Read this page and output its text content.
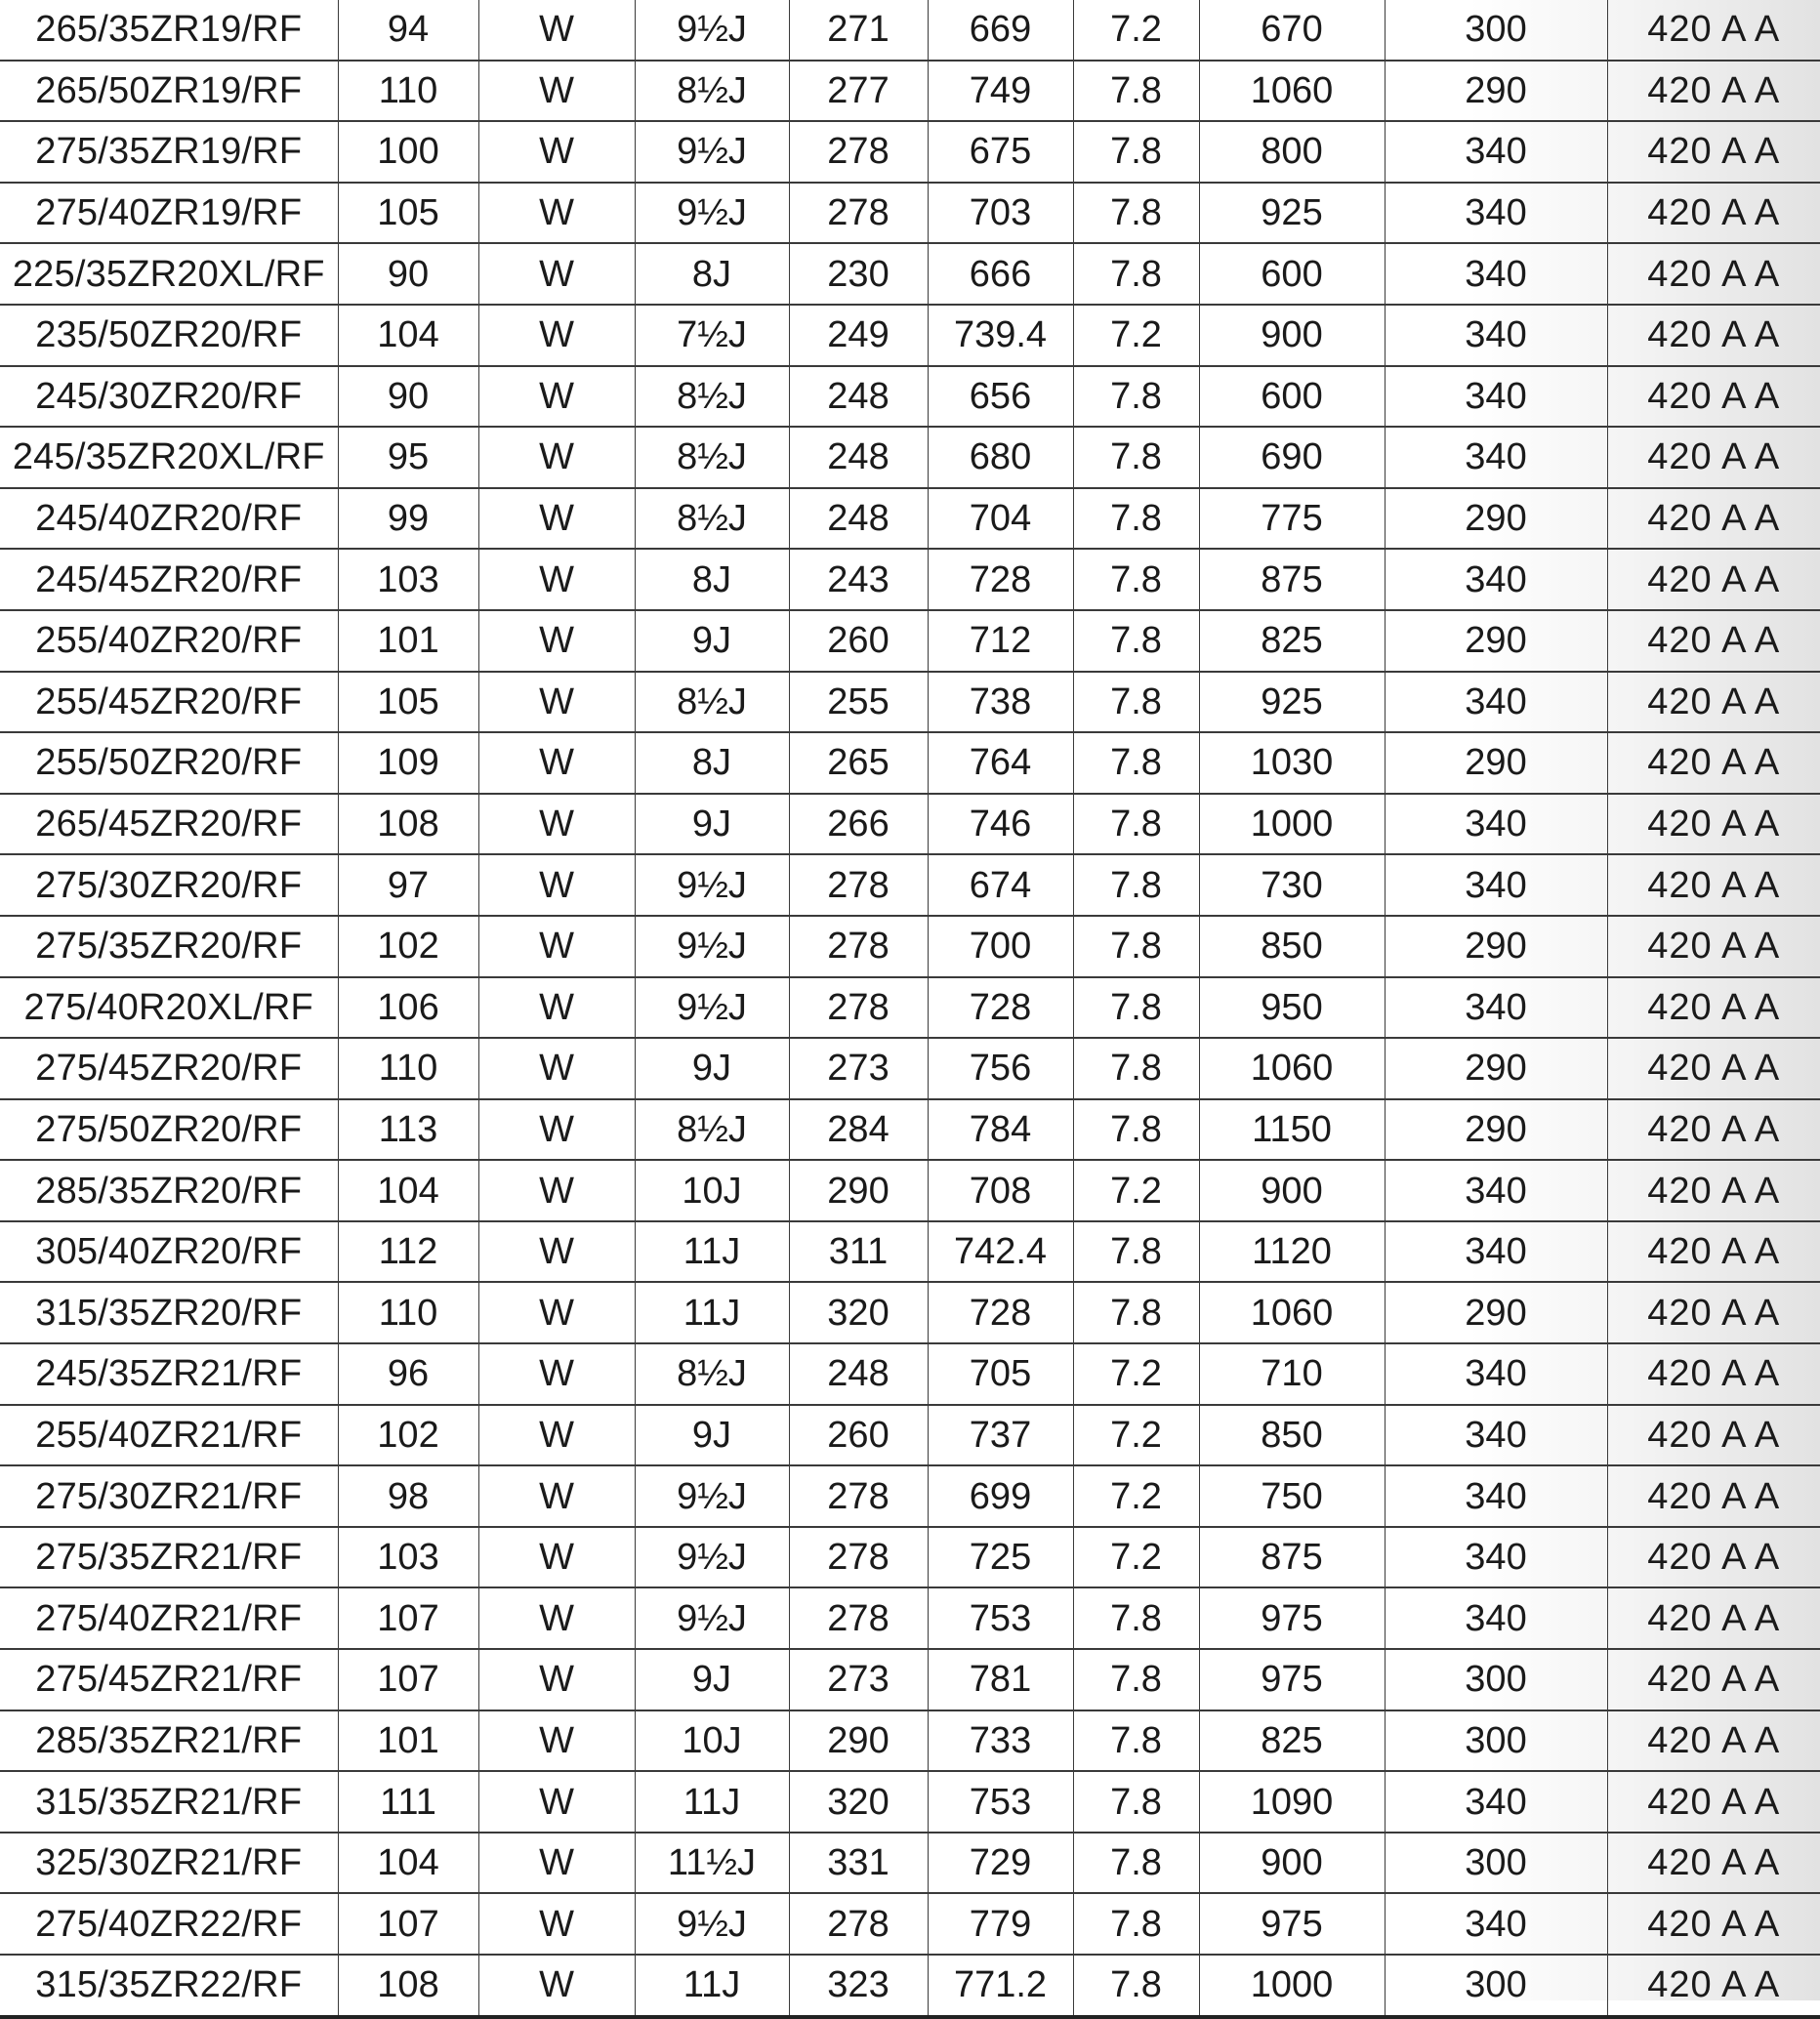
265/35ZR19/RF	94	W	9½J	271	669	7.2	670	300	420 A A
265/50ZR19/RF	110	W	8½J	277	749	7.8	1060	290	420 A A
275/35ZR19/RF	100	W	9½J	278	675	7.8	800	340	420 A A
275/40ZR19/RF	105	W	9½J	278	703	7.8	925	340	420 A A
225/35ZR20XL/RF	90	W	8J	230	666	7.8	600	340	420 A A
235/50ZR20/RF	104	W	7½J	249	739.4	7.2	900	340	420 A A
245/30ZR20/RF	90	W	8½J	248	656	7.8	600	340	420 A A
245/35ZR20XL/RF	95	W	8½J	248	680	7.8	690	340	420 A A
245/40ZR20/RF	99	W	8½J	248	704	7.8	775	290	420 A A
245/45ZR20/RF	103	W	8J	243	728	7.8	875	340	420 A A
255/40ZR20/RF	101	W	9J	260	712	7.8	825	290	420 A A
255/45ZR20/RF	105	W	8½J	255	738	7.8	925	340	420 A A
255/50ZR20/RF	109	W	8J	265	764	7.8	1030	290	420 A A
265/45ZR20/RF	108	W	9J	266	746	7.8	1000	340	420 A A
275/30ZR20/RF	97	W	9½J	278	674	7.8	730	340	420 A A
275/35ZR20/RF	102	W	9½J	278	700	7.8	850	290	420 A A
275/40R20XL/RF	106	W	9½J	278	728	7.8	950	340	420 A A
275/45ZR20/RF	110	W	9J	273	756	7.8	1060	290	420 A A
275/50ZR20/RF	113	W	8½J	284	784	7.8	1150	290	420 A A
285/35ZR20/RF	104	W	10J	290	708	7.2	900	340	420 A A
305/40ZR20/RF	112	W	11J	311	742.4	7.8	1120	340	420 A A
315/35ZR20/RF	110	W	11J	320	728	7.8	1060	290	420 A A
245/35ZR21/RF	96	W	8½J	248	705	7.2	710	340	420 A A
255/40ZR21/RF	102	W	9J	260	737	7.2	850	340	420 A A
275/30ZR21/RF	98	W	9½J	278	699	7.2	750	340	420 A A
275/35ZR21/RF	103	W	9½J	278	725	7.2	875	340	420 A A
275/40ZR21/RF	107	W	9½J	278	753	7.8	975	340	420 A A
275/45ZR21/RF	107	W	9J	273	781	7.8	975	300	420 A A
285/35ZR21/RF	101	W	10J	290	733	7.8	825	300	420 A A
315/35ZR21/RF	111	W	11J	320	753	7.8	1090	340	420 A A
325/30ZR21/RF	104	W	11½J	331	729	7.8	900	300	420 A A
275/40ZR22/RF	107	W	9½J	278	779	7.8	975	340	420 A A
315/35ZR22/RF	108	W	11J	323	771.2	7.8	1000	300	420 A A
